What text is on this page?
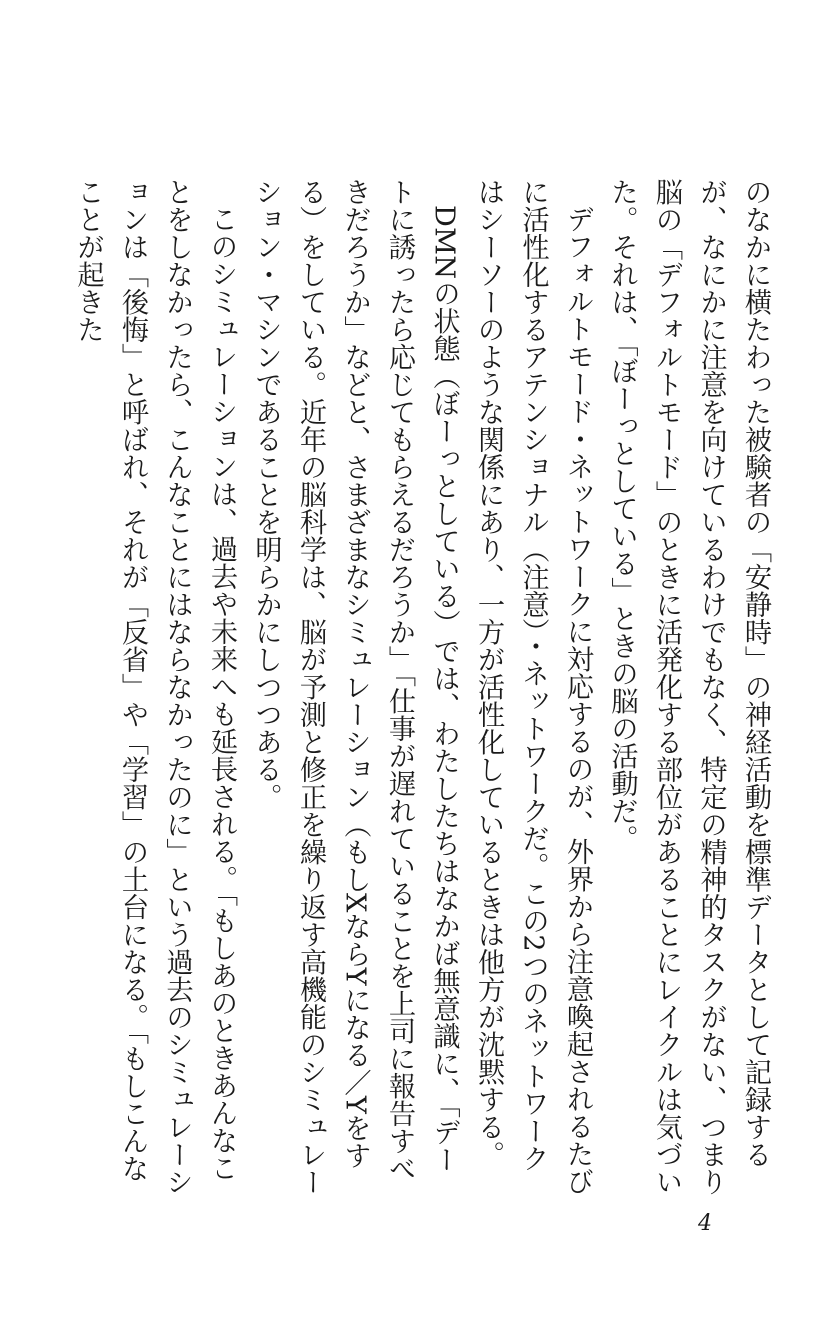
のなかに横たわった被験者の「安静時」の神経活動を標準データとして記録するが、なにかに注意を向けているわけでもなく、特定の精神的タスクがない、つまり脳の「デフォルトモード」のときに活発化する部位があることにレイクルは気づいた。それは、「ぼーっとしている」ときの脳の活動だ。

デフォルトモード・ネットワークに対応するのが、外界から注意喚起されるたびに活性化するアテンショナル（注意）・ネットワークだ。この2つのネットワークはシーソーのような関係にあり、一方が活性化しているときは他方が沈黙する。

DMNの状態（ぼーっとしている）では、わたしたちはなかば無意識に、「デートに誘ったら応じてもらえるだろうか」「仕事が遅れていることを上司に報告すべきだろうか」などと、さまざまなシミュレーション（もしXならYになる／Yをする）をしている。近年の脳科学は、脳が予測と修正を繰り返す高機能のシミュレーション・マシンであることを明らかにしつつある。

このシミュレーションは、過去や未来へも延長される。「もしあのときあんなことをしなかったら、こんなことにはならなかったのに」という過去のシミュレーションは「後悔」と呼ばれ、それが「反省」や「学習」の土台になる。「もしこんなことが起きた

4
